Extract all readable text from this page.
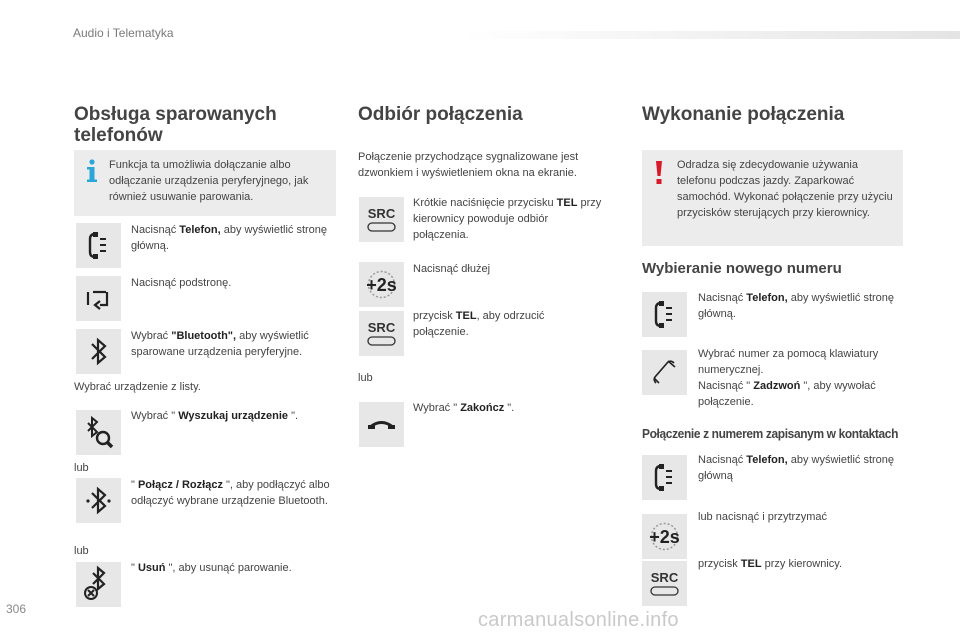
Audio i Telematyka
Obsługa sparowanych telefonów
Funkcja ta umożliwia dołączanie albo odłączanie urządzenia peryferyjnego, jak również usuwanie parowania.
Nacisnąć Telefon, aby wyświetlić stronę główną.
Nacisnąć podstronę.
Wybrać "Bluetooth", aby wyświetlić sparowane urządzenia peryferyjne.
Wybrać urządzenie z listy.
Wybrać " Wyszukaj urządzenie ".
lub
" Połącz / Rozłącz ", aby podłączyć albo odłączyć wybrane urządzenie Bluetooth.
lub
" Usuń ", aby usunąć parowanie.
Odbiór połączenia
Połączenie przychodzące sygnalizowane jest dzwonkiem i wyświetleniem okna na ekranie.
SRC
Krótkie naciśnięcie przycisku TEL przy kierownicy powoduje odbiór połączenia.
+2s
Nacisnąć dłużej
SRC
przycisk TEL, aby odrzucić połączenie.
lub
Wybrać " Zakończ ".
Wykonanie połączenia
Odradza się zdecydowanie używania telefonu podczas jazdy. Zaparkować samochód. Wykonać połączenie przy użyciu przycisków sterujących przy kierownicy.
Wybieranie nowego numeru
Nacisnąć Telefon, aby wyświetlić stronę główną.
Wybrać numer za pomocą klawiatury numerycznej.
Nacisnąć " Zadzwoń ", aby wywołać połączenie.
Połączenie z numerem zapisanym w kontaktach
Nacisnąć Telefon, aby wyświetlić stronę główną
+2s
lub nacisnąć i przytrzymać
SRC
przycisk TEL przy kierownicy.
306	carmanualsonline.info
